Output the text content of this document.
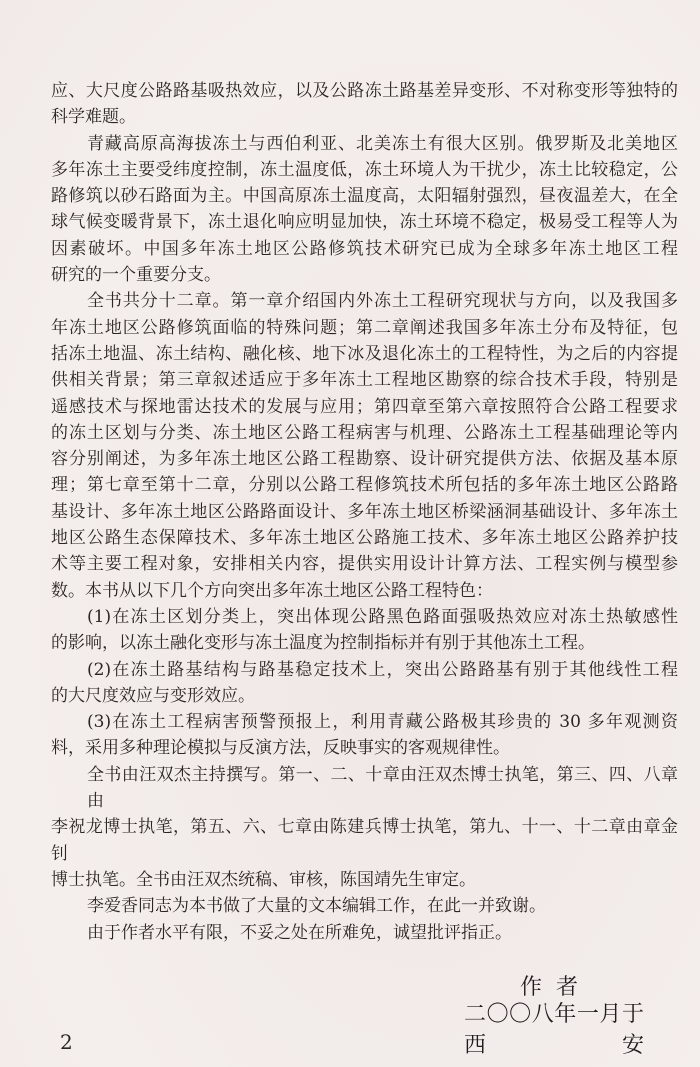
应、大尺度公路路基吸热效应，以及公路冻土路基差异变形、不对称变形等独特的
科学难题。
青藏高原高海拔冻土与西伯利亚、北美冻土有很大区别。俄罗斯及北美地区
多年冻土主要受纬度控制，冻土温度低，冻土环境人为干扰少，冻土比较稳定，公
路修筑以砂石路面为主。中国高原冻土温度高，太阳辐射强烈，昼夜温差大，在全
球气候变暖背景下，冻土退化响应明显加快，冻土环境不稳定，极易受工程等人为
因素破坏。中国多年冻土地区公路修筑技术研究已成为全球多年冻土地区工程
研究的一个重要分支。
全书共分十二章。第一章介绍国内外冻土工程研究现状与方向，以及我国多
年冻土地区公路修筑面临的特殊问题；第二章阐述我国多年冻土分布及特征，包
括冻土地温、冻土结构、融化核、地下冰及退化冻土的工程特性，为之后的内容提
供相关背景；第三章叙述适应于多年冻土工程地区勘察的综合技术手段，特别是
遥感技术与探地雷达技术的发展与应用；第四章至第六章按照符合公路工程要求
的冻土区划与分类、冻土地区公路工程病害与机理、公路冻土工程基础理论等内
容分别阐述，为多年冻土地区公路工程勘察、设计研究提供方法、依据及基本原
理；第七章至第十二章，分别以公路工程修筑技术所包括的多年冻土地区公路路
基设计、多年冻土地区公路路面设计、多年冻土地区桥梁涵洞基础设计、多年冻土
地区公路生态保障技术、多年冻土地区公路施工技术、多年冻土地区公路养护技
术等主要工程对象，安排相关内容，提供实用设计计算方法、工程实例与模型参
数。本书从以下几个方向突出多年冻土地区公路工程特色：
(1)在冻土区划分类上，突出体现公路黑色路面强吸热效应对冻土热敏感性
的影响，以冻土融化变形与冻土温度为控制指标并有别于其他冻土工程。
(2)在冻土路基结构与路基稳定技术上，突出公路路基有别于其他线性工程
的大尺度效应与变形效应。
(3)在冻土工程病害预警预报上，利用青藏公路极其珍贵的 30 多年观测资
料，采用多种理论模拟与反演方法，反映事实的客观规律性。
全书由汪双杰主持撰写。第一、二、十章由汪双杰博士执笔，第三、四、八章由
李祝龙博士执笔，第五、六、七章由陈建兵博士执笔，第九、十一、十二章由章金钊
博士执笔。全书由汪双杰统稿、审核，陈国靖先生审定。
李爱香同志为本书做了大量的文本编辑工作，在此一并致谢。
由于作者水平有限，不妥之处在所难免，诚望批评指正。
作者
二〇〇八年一月于西安
2
